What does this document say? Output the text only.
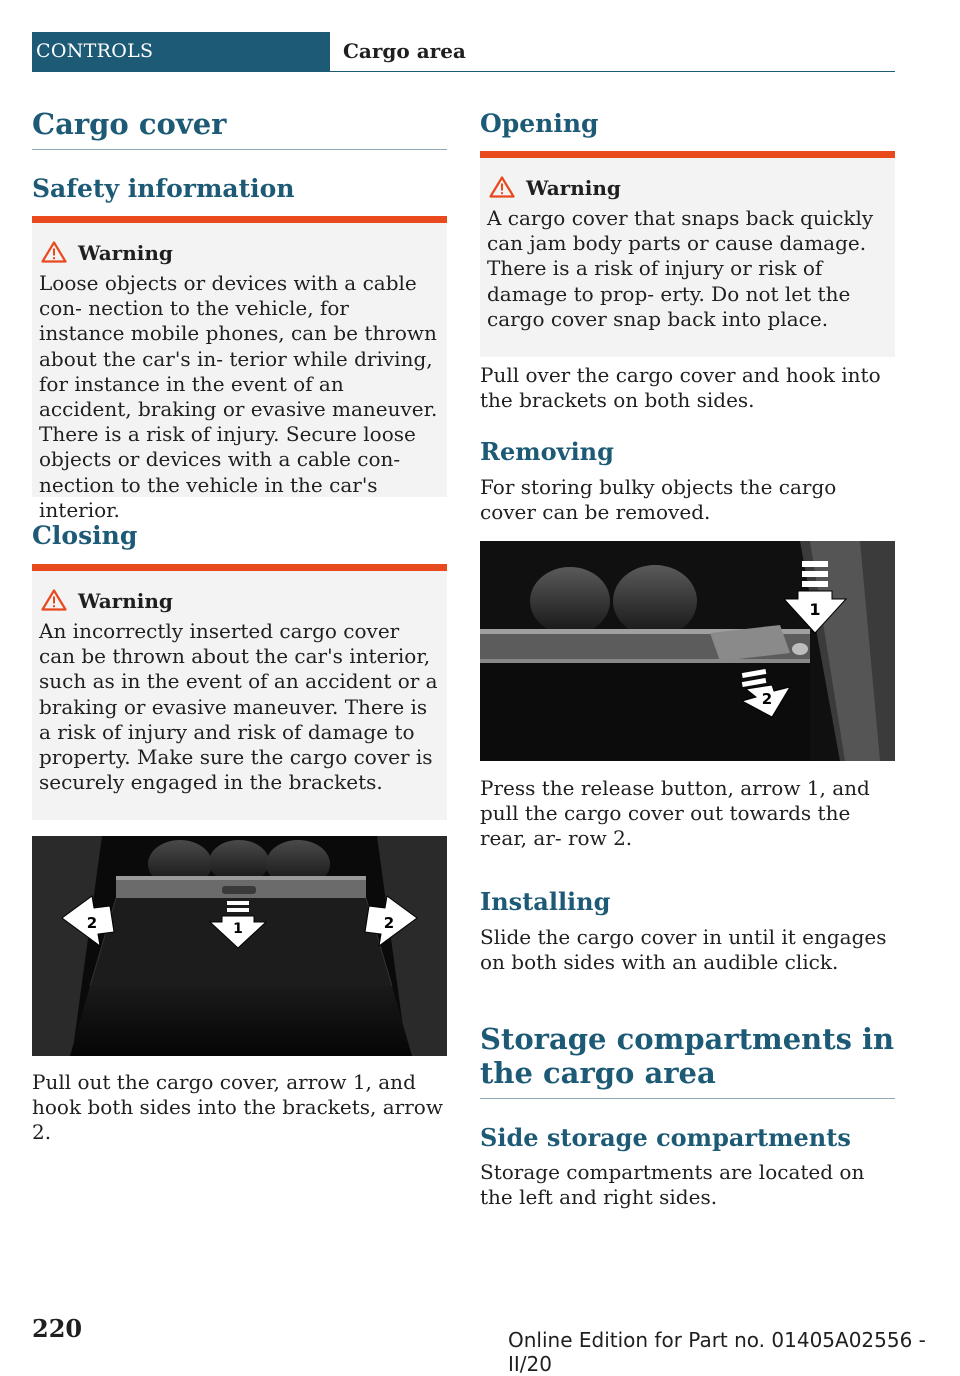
CONTROLS	Cargo area
Cargo cover
Safety information
Warning
Loose objects or devices with a cable con‐ nection to the vehicle, for instance mobile phones, can be thrown about the car's in‐ terior while driving, for instance in the event of an accident, braking or evasive maneuver. There is a risk of injury. Secure loose objects or devices with a cable con‐ nection to the vehicle in the car's interior.
Closing
Warning
An incorrectly inserted cargo cover can be thrown about the car's interior, such as in the event of an accident or a braking or evasive maneuver. There is a risk of injury and risk of damage to property. Make sure the cargo cover is securely engaged in the brackets.
1
2	2

Pull out the cargo cover, arrow 1, and hook both sides into the brackets, arrow 2.

Opening
Warning
A cargo cover that snaps back quickly can jam body parts or cause damage. There is a risk of injury or risk of damage to prop‐ erty. Do not let the cargo cover snap back into place.

Pull over the cargo cover and hook into the brackets on both sides.

Removing

For storing bulky objects the cargo cover can be removed.

1
2

Press the release button, arrow 1, and pull the cargo cover out towards the rear, ar‐ row 2.

Installing

Slide the cargo cover in until it engages on both sides with an audible click.

Storage compartments in the cargo area
Side storage compartments

Storage compartments are located on the left and right sides.

220	Online Edition for Part no. 01405A02556 - II/20
